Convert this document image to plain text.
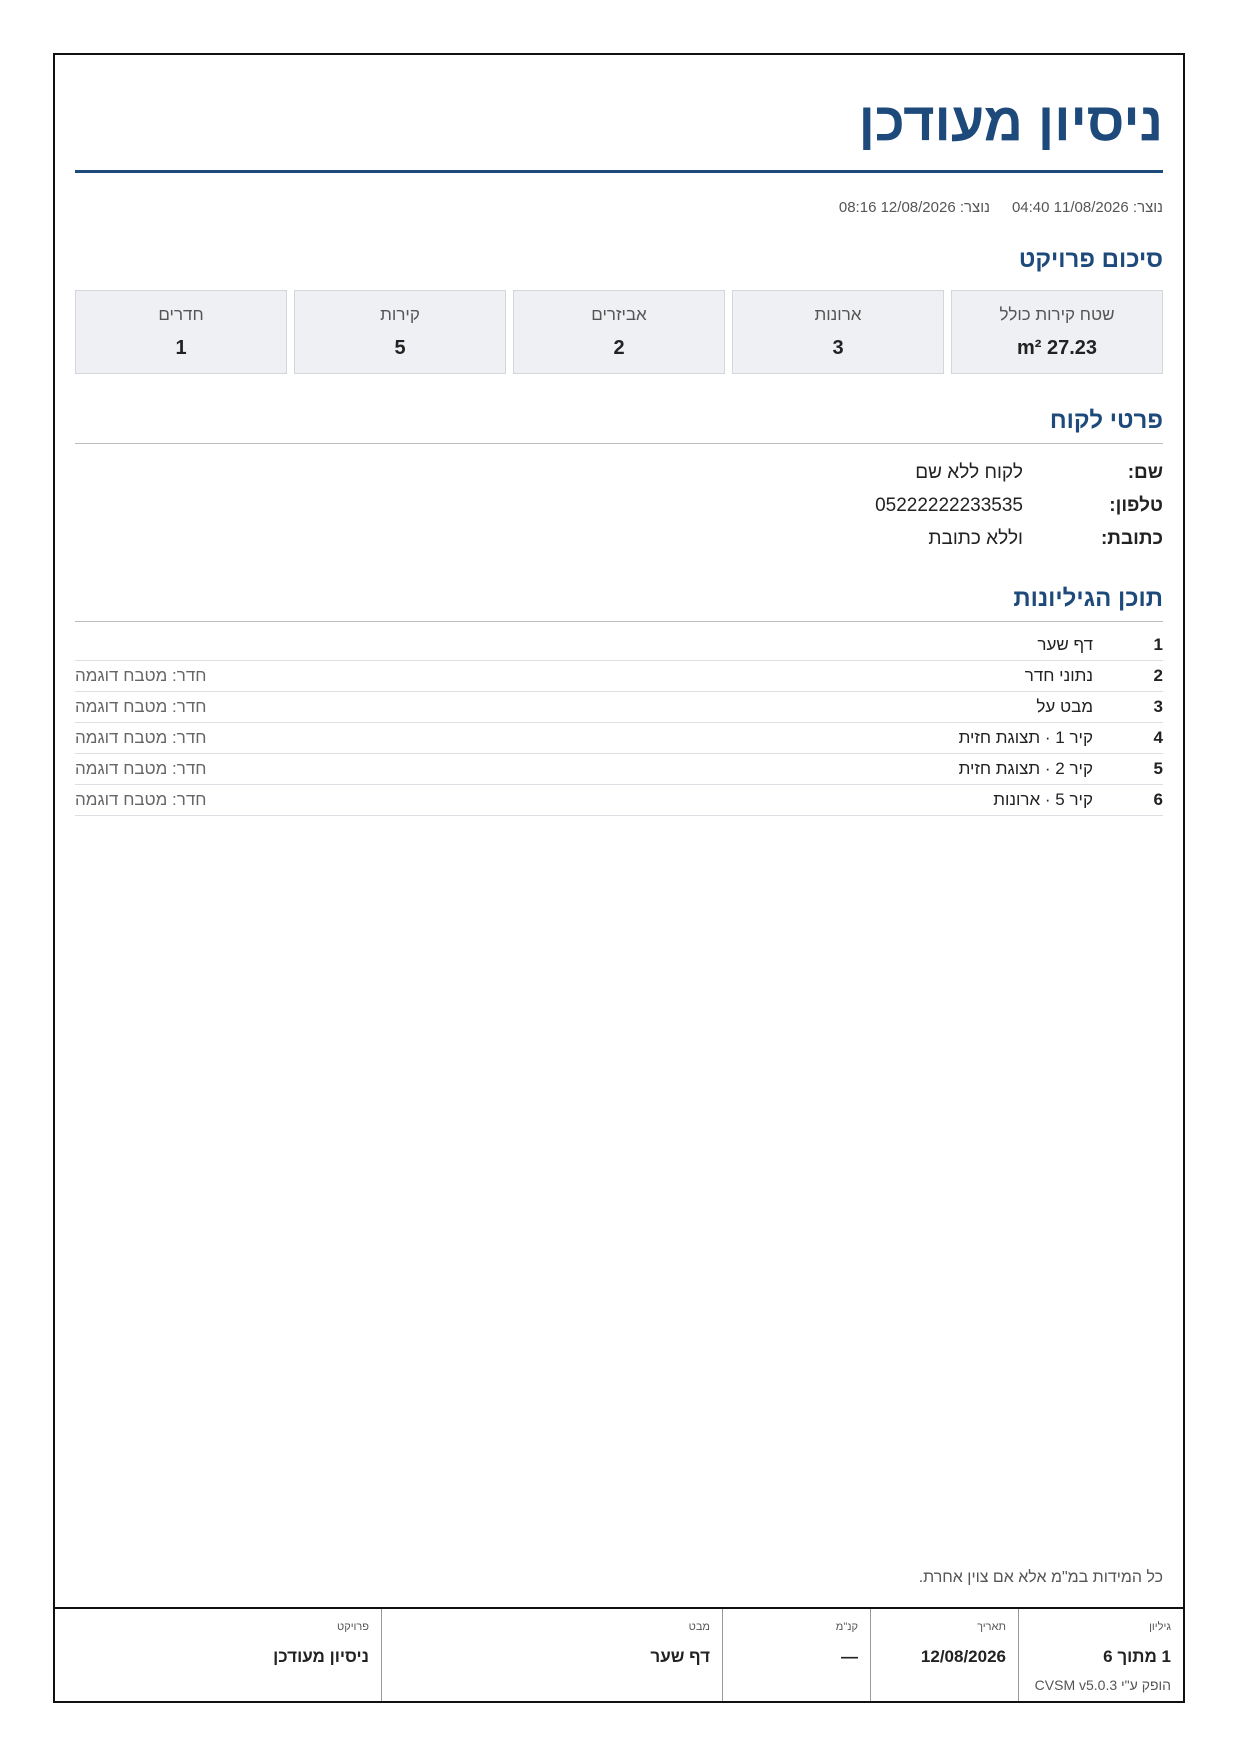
ניסיון מעודכן
נוצר: 11/08/2026 04:40
נוצר: 12/08/2026 08:16
סיכום פרויקט
שטח קירות כולל
27.23 m²
ארונות
3
אביזרים
2
קירות
5
חדרים
1
פרטי לקוח
שם:
לקוח ללא שם
טלפון:
05222222233535
כתובת:
וללא כתובת
תוכן הגיליונות
1
דף שער
2
נתוני חדר
חדר: מטבח דוגמה
3
מבט על
חדר: מטבח דוגמה
4
קיר 1 · תצוגת חזית
חדר: מטבח דוגמה
5
קיר 2 · תצוגת חזית
חדר: מטבח דוגמה
6
קיר 5 · ארונות
חדר: מטבח דוגמה
כל המידות במ"מ אלא אם צוין אחרת.
גיליון
1 מתוך 6
הופק ע"י CVSM v5.0.3
תאריך
12/08/2026
קנ"מ
—
מבט
דף שער
פרויקט
ניסיון מעודכן
